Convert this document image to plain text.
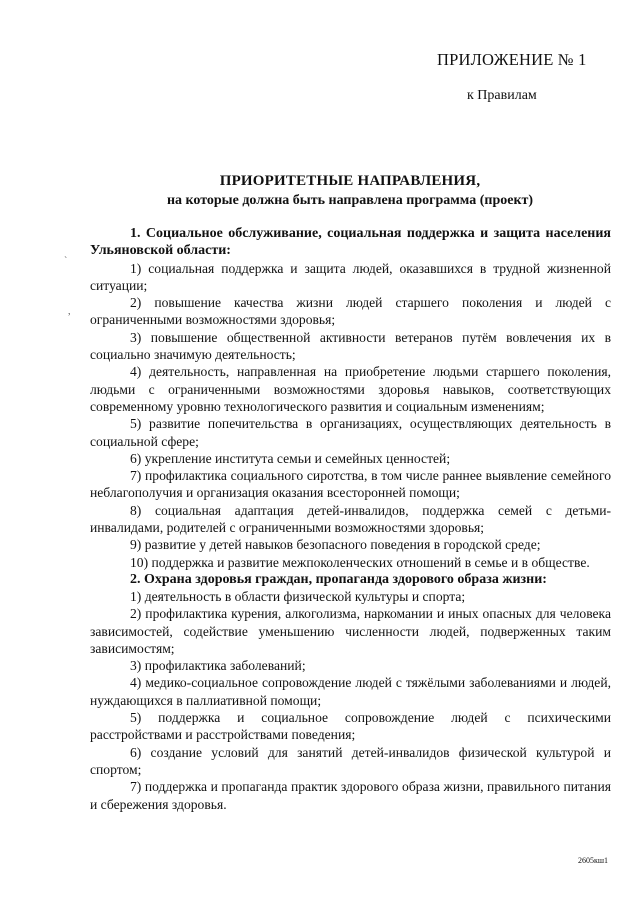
ПРИЛОЖЕНИЕ № 1
к Правилам
ПРИОРИТЕТНЫЕ НАПРАВЛЕНИЯ,
на которые должна быть направлена программа (проект)

1. Социальное обслуживание, социальная поддержка и защита населения Ульяновской области:

1) социальная поддержка и защита людей, оказавшихся в трудной жизненной ситуации;

2) повышение качества жизни людей старшего поколения и людей с ограниченными возможностями здоровья;

3) повышение общественной активности ветеранов путём вовлечения их в социально значимую деятельность;

4) деятельность, направленная на приобретение людьми старшего поколения, людьми с ограниченными возможностями здоровья навыков, соответствующих современному уровню технологического развития и социальным изменениям;

5) развитие попечительства в организациях, осуществляющих деятельность в социальной сфере;

6) укрепление института семьи и семейных ценностей;

7) профилактика социального сиротства, в том числе раннее выявление семейного неблагополучия и организация оказания всесторонней помощи;

8) социальная адаптация детей-инвалидов, поддержка семей с детьми-инвалидами, родителей с ограниченными возможностями здоровья;

9) развитие у детей навыков безопасного поведения в городской среде;

10) поддержка и развитие межпоколенческих отношений в семье и в обществе.

2. Охрана здоровья граждан, пропаганда здорового образа жизни:

1) деятельность в области физической культуры и спорта;

2) профилактика курения, алкоголизма, наркомании и иных опасных для человека зависимостей, содействие уменьшению численности людей, подверженных таким зависимостям;

3) профилактика заболеваний;

4) медико-социальное сопровождение людей с тяжёлыми заболеваниями и людей, нуждающихся в паллиативной помощи;

5) поддержка и социальное сопровождение людей с психическими расстройствами и расстройствами поведения;

6) создание условий для занятий детей-инвалидов физической культурой и спортом;

7) поддержка и пропаганда практик здорового образа жизни, правильного питания и сбережения здоровья.

2605кш1
ˋ
,
